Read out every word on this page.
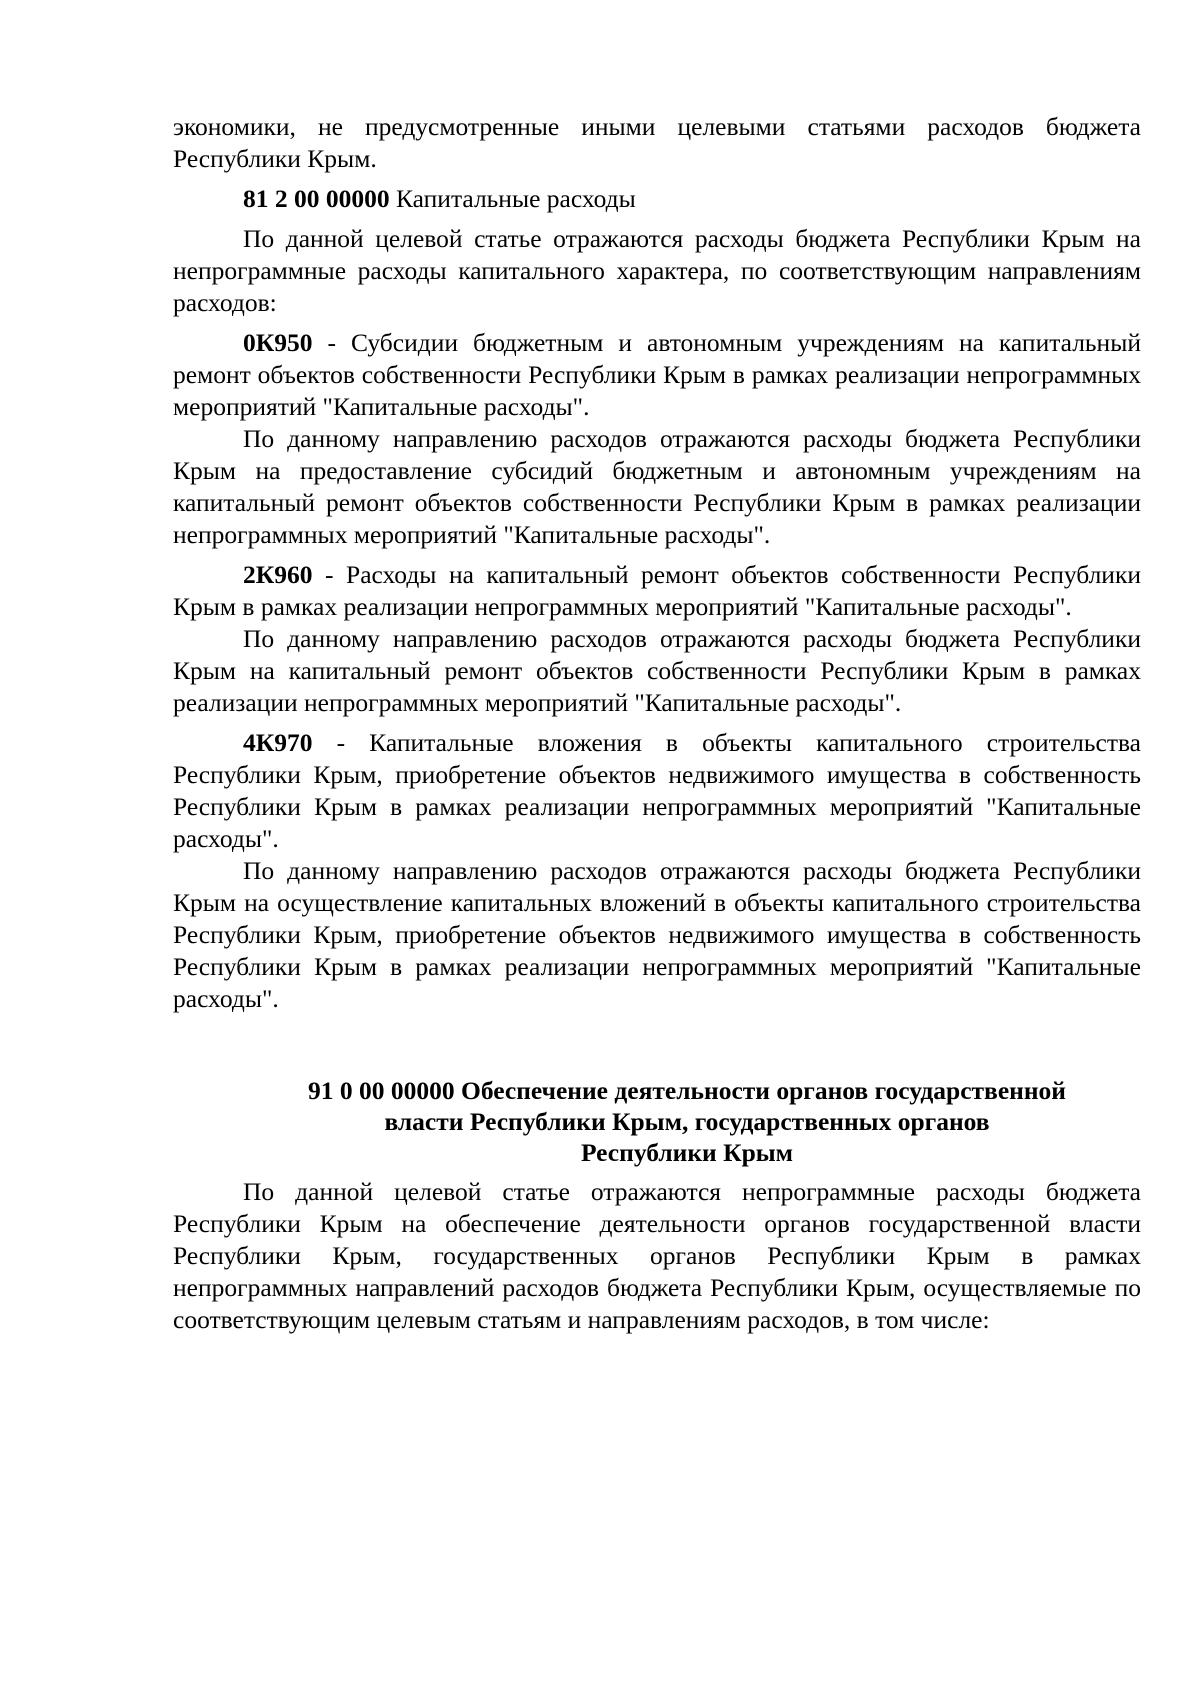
экономики, не предусмотренные иными целевыми статьями расходов бюджета Республики Крым.

81 2 00 00000 Капитальные расходы

По данной целевой статье отражаются расходы бюджета Республики Крым на непрограммные расходы капитального характера, по соответствующим направлениям расходов:

0К950 - Субсидии бюджетным и автономным учреждениям на капитальный ремонт объектов собственности Республики Крым в рамках реализации непрограммных мероприятий "Капитальные расходы".

По данному направлению расходов отражаются расходы бюджета Республики Крым на предоставление субсидий бюджетным и автономным учреждениям на капитальный ремонт объектов собственности Республики Крым в рамках реализации непрограммных мероприятий "Капитальные расходы".

2К960 - Расходы на капитальный ремонт объектов собственности Республики Крым в рамках реализации непрограммных мероприятий "Капитальные расходы".

По данному направлению расходов отражаются расходы бюджета Республики Крым на капитальный ремонт объектов собственности Республики Крым в рамках реализации непрограммных мероприятий "Капитальные расходы".

4К970 - Капитальные вложения в объекты капитального строительства Республики Крым, приобретение объектов недвижимого имущества в собственность Республики Крым в рамках реализации непрограммных мероприятий "Капитальные расходы".

По данному направлению расходов отражаются расходы бюджета Республики Крым на осуществление капитальных вложений в объекты капитального строительства Республики Крым, приобретение объектов недвижимого имущества в собственность Республики Крым в рамках реализации непрограммных мероприятий "Капитальные расходы".

91 0 00 00000 Обеспечение деятельности органов государственной
власти Республики Крым, государственных органов
Республики Крым

По данной целевой статье отражаются непрограммные расходы бюджета Республики Крым на обеспечение деятельности органов государственной власти Республики Крым, государственных органов Республики Крым в рамках непрограммных направлений расходов бюджета Республики Крым, осуществляемые по соответствующим целевым статьям и направлениям расходов, в том числе:
